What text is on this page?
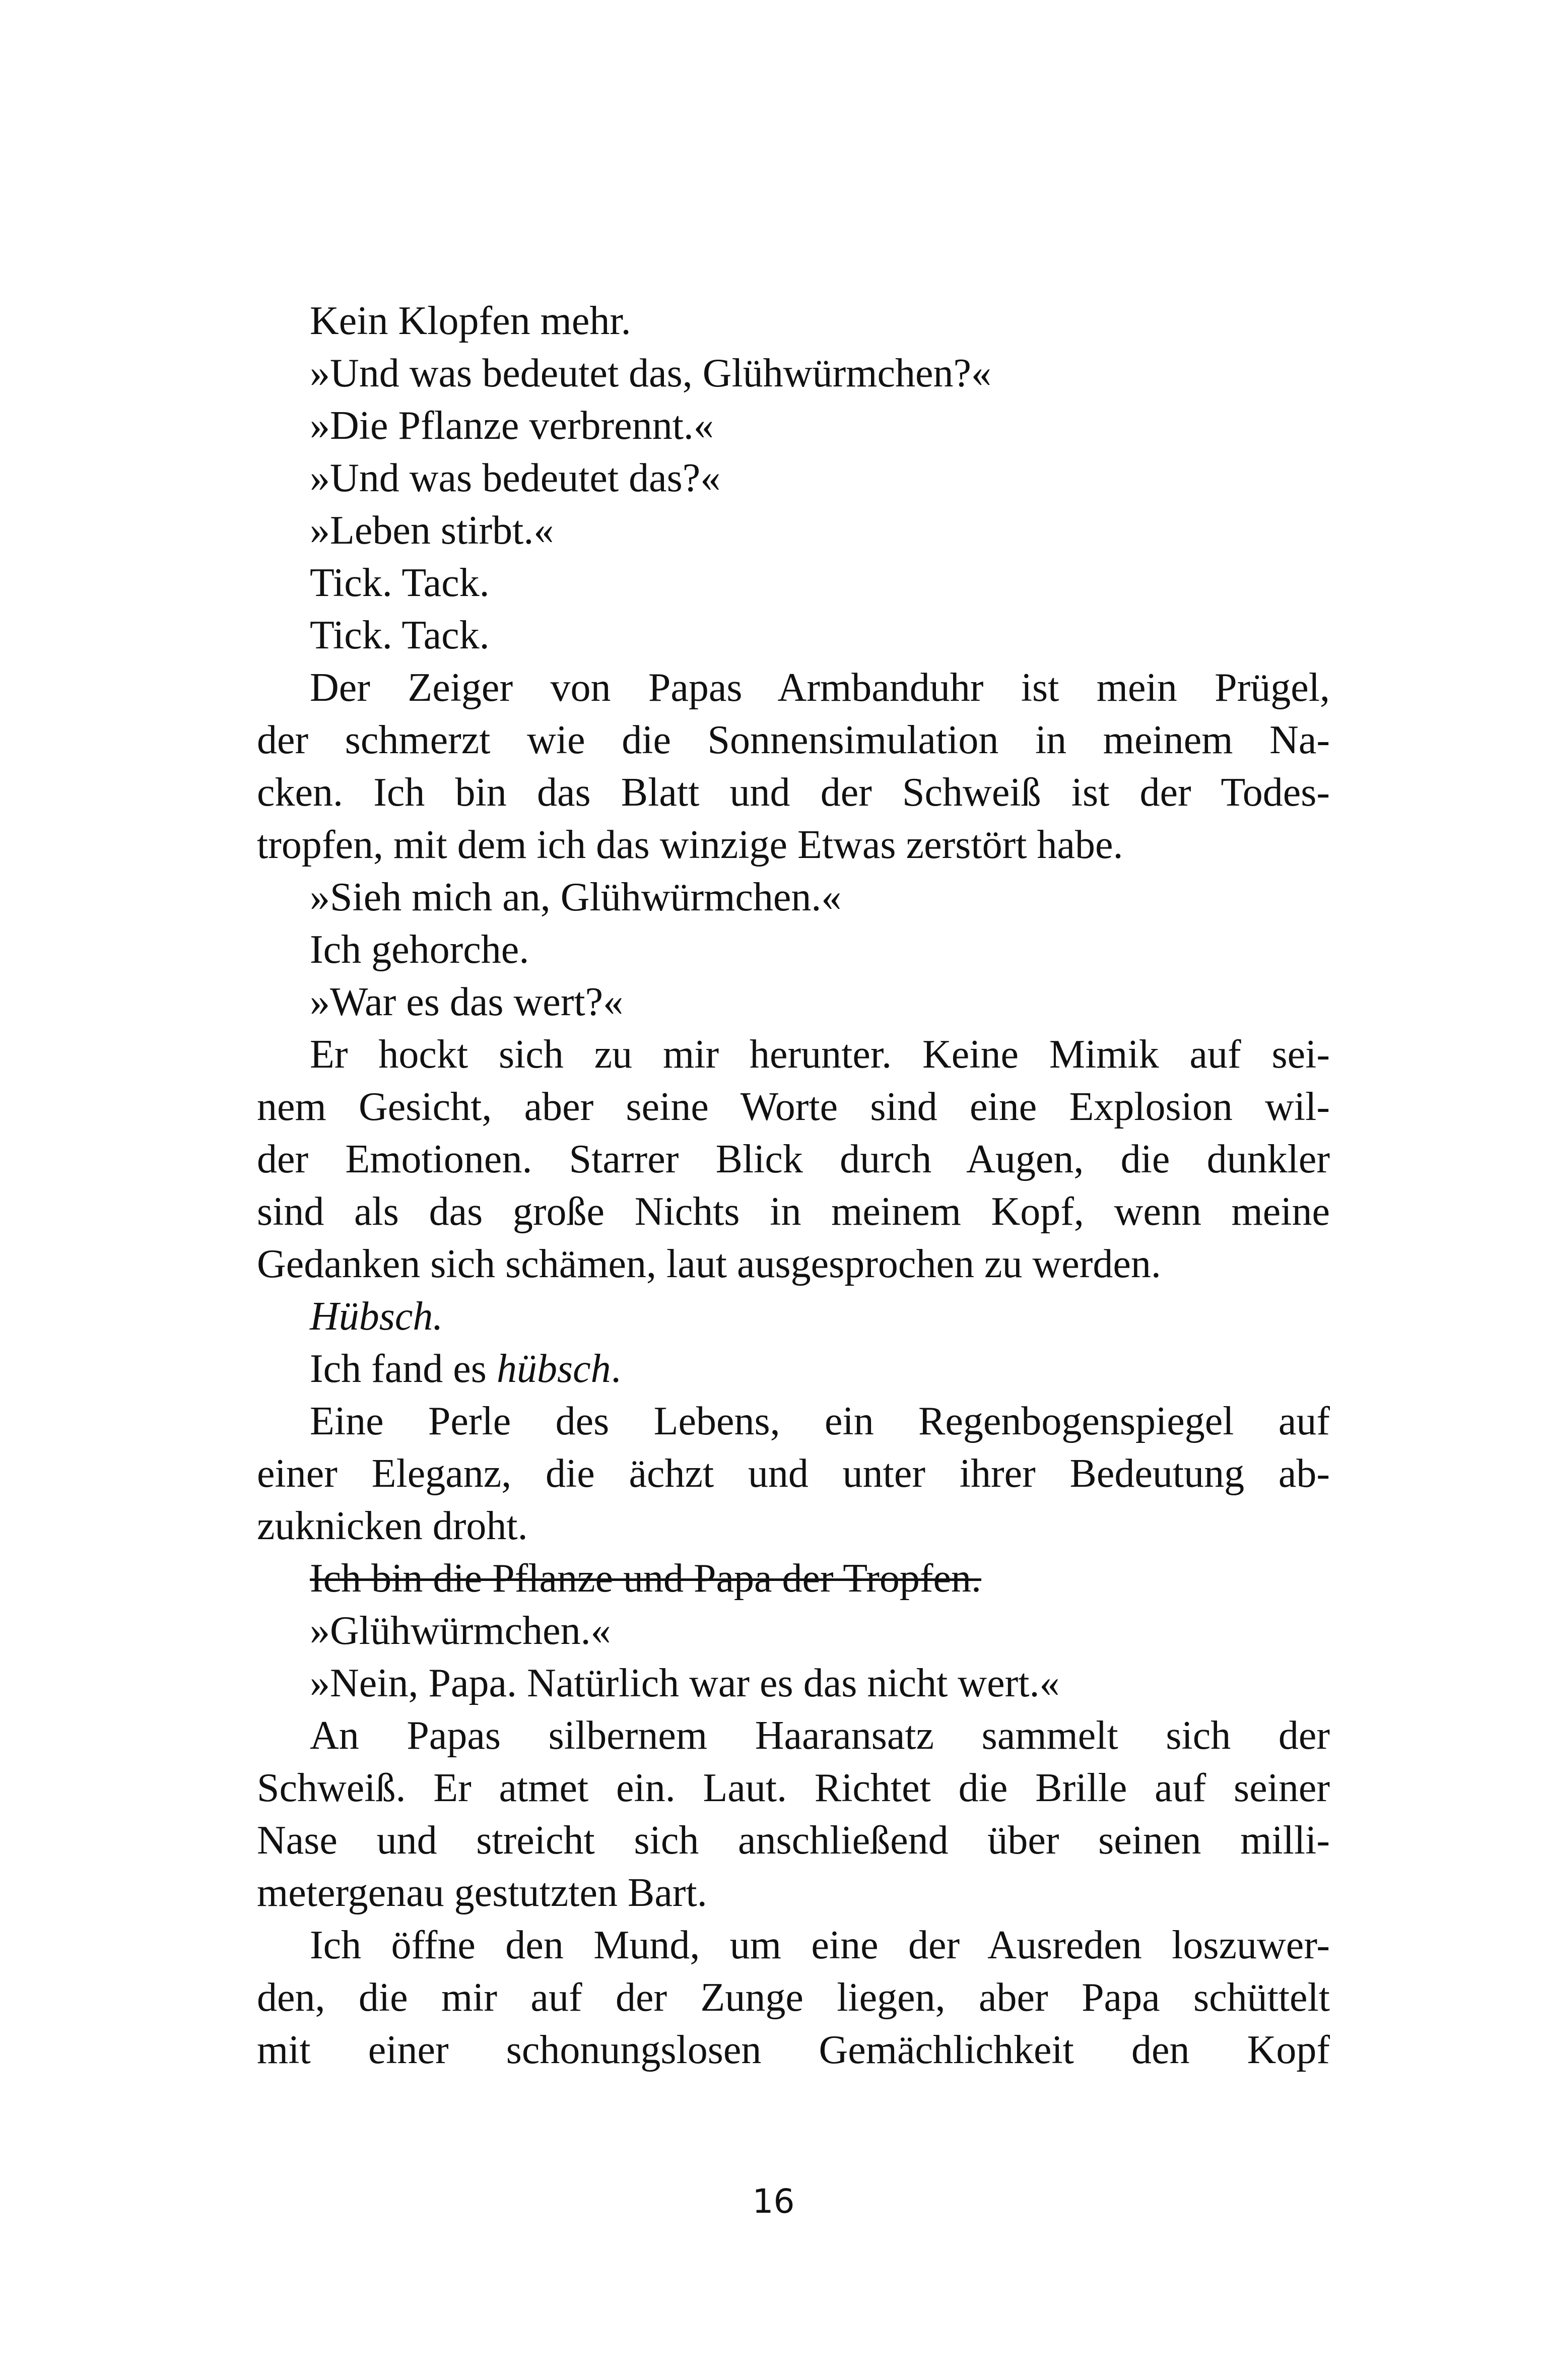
Kein Klopfen mehr.
»Und was bedeutet das, Glühwürmchen?«
»Die Pflanze verbrennt.«
»Und was bedeutet das?«
»Leben stirbt.«
Tick. Tack.
Tick. Tack.
Der Zeiger von Papas Armbanduhr ist mein Prügel,
der schmerzt wie die Sonnensimulation in meinem Na-
cken. Ich bin das Blatt und der Schweiß ist der Todes-
tropfen, mit dem ich das winzige Etwas zerstört habe.
»Sieh mich an, Glühwürmchen.«
Ich gehorche.
»War es das wert?«
Er hockt sich zu mir herunter. Keine Mimik auf sei-
nem Gesicht, aber seine Worte sind eine Explosion wil-
der Emotionen. Starrer Blick durch Augen, die dunkler
sind als das große Nichts in meinem Kopf, wenn meine
Gedanken sich schämen, laut ausgesprochen zu werden.
Hübsch.
Ich fand es hübsch.
Eine Perle des Lebens, ein Regenbogenspiegel auf
einer Eleganz, die ächzt und unter ihrer Bedeutung ab-
zuknicken droht.
Ich bin die Pflanze und Papa der Tropfen.
»Glühwürmchen.«
»Nein, Papa. Natürlich war es das nicht wert.«
An Papas silbernem Haaransatz sammelt sich der
Schweiß. Er atmet ein. Laut. Richtet die Brille auf seiner
Nase und streicht sich anschließend über seinen milli-
metergenau gestutzten Bart.
Ich öffne den Mund, um eine der Ausreden loszuwer-
den, die mir auf der Zunge liegen, aber Papa schüttelt
mit einer schonungslosen Gemächlichkeit den Kopf
16
